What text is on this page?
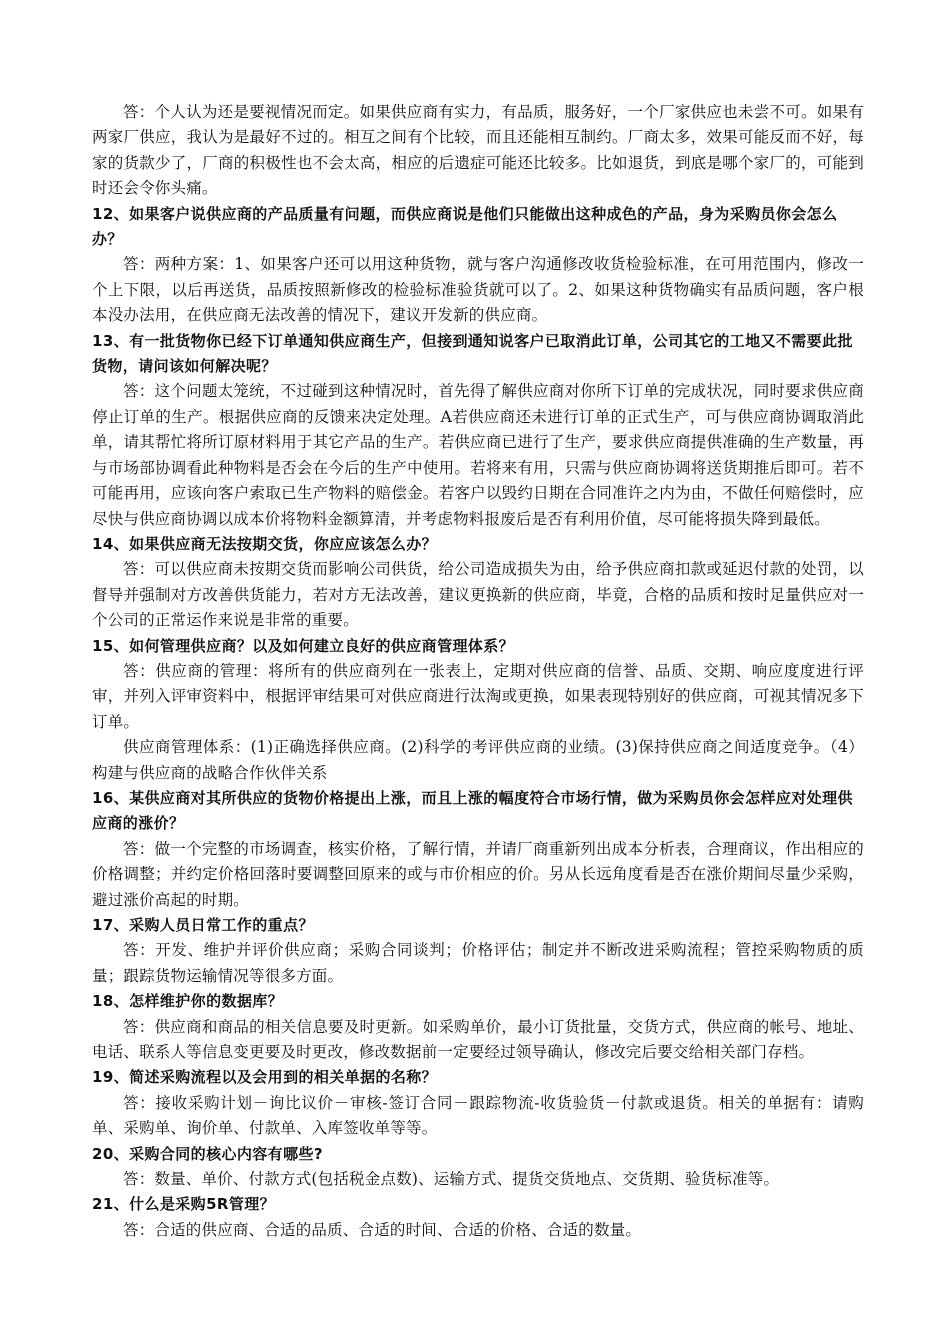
答：个人认为还是要视情况而定。如果供应商有实力，有品质，服务好，一个厂家供应也未尝不可。如果有两家厂供应，我认为是最好不过的。相互之间有个比较，而且还能相互制约。厂商太多，效果可能反而不好，每家的货款少了，厂商的积极性也不会太高，相应的后遗症可能还比较多。比如退货，到底是哪个家厂的，可能到时还会令你头痛。

12、如果客户说供应商的产品质量有问题，而供应商说是他们只能做出这种成色的产品，身为采购员你会怎么办？

答：两种方案：1、如果客户还可以用这种货物，就与客户沟通修改收货检验标准，在可用范围内，修改一个上下限，以后再送货，品质按照新修改的检验标准验货就可以了。2、如果这种货物确实有品质问题，客户根本没办法用，在供应商无法改善的情况下，建议开发新的供应商。

13、有一批货物你已经下订单通知供应商生产，但接到通知说客户已取消此订单，公司其它的工地又不需要此批货物，请问该如何解决呢？

答：这个问题太笼统，不过碰到这种情况时，首先得了解供应商对你所下订单的完成状况，同时要求供应商停止订单的生产。根据供应商的反馈来决定处理。A若供应商还未进行订单的正式生产，可与供应商协调取消此单，请其帮忙将所订原材料用于其它产品的生产。若供应商已进行了生产，要求供应商提供准确的生产数量，再与市场部协调看此种物料是否会在今后的生产中使用。若将来有用，只需与供应商协调将送货期推后即可。若不可能再用，应该向客户索取已生产物料的赔偿金。若客户以毁约日期在合同准许之内为由，不做任何赔偿时，应尽快与供应商协调以成本价将物料金额算清，并考虑物料报废后是否有利用价值，尽可能将损失降到最低。

14、如果供应商无法按期交货，你应应该怎么办？

答：可以供应商未按期交货而影响公司供货，给公司造成损失为由，给予供应商扣款或延迟付款的处罚，以督导并强制对方改善供货能力，若对方无法改善，建议更换新的供应商，毕竟，合格的品质和按时足量供应对一个公司的正常运作来说是非常的重要。

15、如何管理供应商？以及如何建立良好的供应商管理体系？

答：供应商的管理：将所有的供应商列在一张表上，定期对供应商的信誉、品质、交期、响应度度进行评审，并列入评审资料中，根据评审结果可对供应商进行汰淘或更换，如果表现特别好的供应商，可视其情况多下订单。

供应商管理体系：(1)正确选择供应商。(2)科学的考评供应商的业绩。(3)保持供应商之间适度竞争。（4）构建与供应商的战略合作伙伴关系

16、某供应商对其所供应的货物价格提出上涨，而且上涨的幅度符合市场行情，做为采购员你会怎样应对处理供应商的涨价？

答：做一个完整的市场调查，核实价格，了解行情，并请厂商重新列出成本分析表，合理商议，作出相应的价格调整；并约定价格回落时要调整回原来的或与市价相应的价。另从长远角度看是否在涨价期间尽量少采购，避过涨价高起的时期。

17、采购人员日常工作的重点？

答：开发、维护并评价供应商；采购合同谈判；价格评估；制定并不断改进采购流程；管控采购物质的质量；跟踪货物运输情况等很多方面。

18、怎样维护你的数据库？

答：供应商和商品的相关信息要及时更新。如采购单价，最小订货批量，交货方式，供应商的帐号、地址、电话、联系人等信息变更要及时更改，修改数据前一定要经过领导确认，修改完后要交给相关部门存档。

19、简述采购流程以及会用到的相关单据的名称？

答：接收采购计划－询比议价－审核-签订合同－跟踪物流-收货验货－付款或退货。相关的单据有：请购单、采购单、询价单、付款单、入库签收单等等。

20、采购合同的核心内容有哪些?

答：数量、单价、付款方式(包括税金点数)、运输方式、提货交货地点、交货期、验货标准等。

21、什么是采购5R管理？

答：合适的供应商、合适的品质、合适的时间、合适的价格、合适的数量。
